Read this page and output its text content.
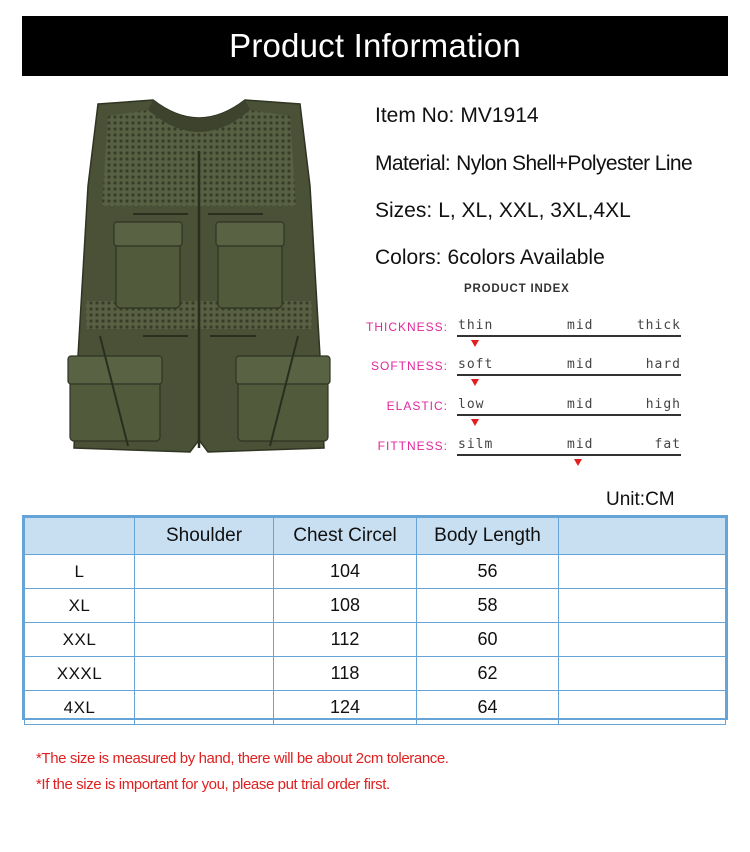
Product Information
Item No: MV1914
Material: Nylon Shell+Polyester Line
Sizes: L, XL, XXL, 3XL,4XL
Colors: 6colors Available
PRODUCT INDEX
THICKNESS: thin	mid	thick
SOFTNESS: soft	mid	hard
ELASTIC: low	mid	high
FITTNESS: silm	mid	fat
Unit:CM
	Shoulder	Chest Circel	Body Length	
L		104	56	
XL		108	58	
XXL		112	60	
XXXL		118	62	
4XL		124	64	
*The size is measured by hand, there will be about 2cm tolerance.
*If the size is important for you, please put trial order first.
